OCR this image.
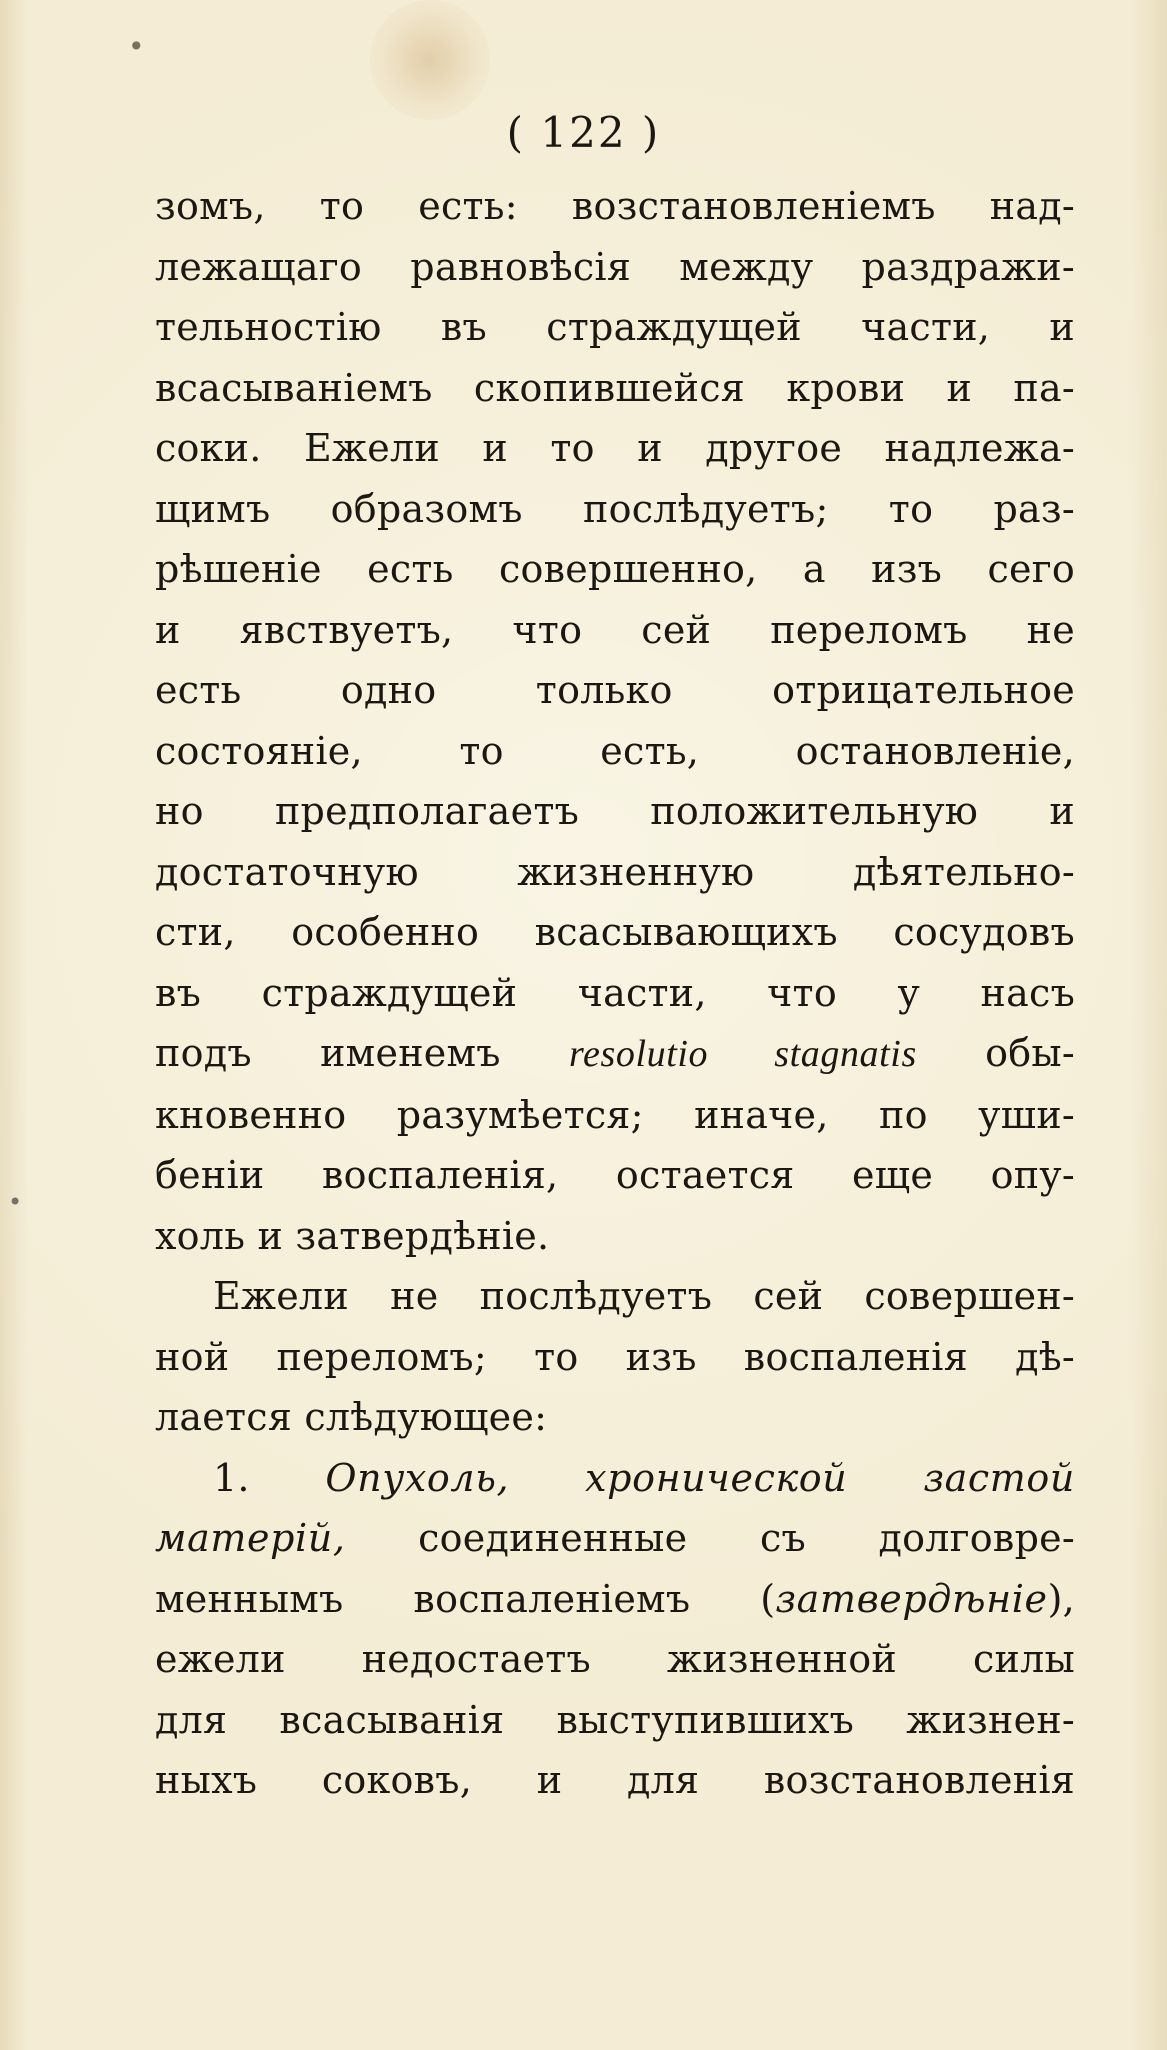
•
•
( 122 )
зомъ, то есть: возстановленiемъ над-
лежащаго равновѣсiя между раздражи-
тельностiю въ страждущей части, и
всасыванiемъ скопившейся крови и па-
соки. Ежели и то и другое надлежа-
щимъ образомъ послѣдуетъ; то раз-
рѣшенiе есть совершенно, а изъ сего
и явствуетъ, что сей переломъ не
есть одно только отрицательное
состоянiе, то есть, остановленiе,
но предполагаетъ положительную и
достаточную жизненную дѣятельно-
сти, особенно всасывающихъ сосудовъ
въ страждущей части, что у насъ
подъ именемъ resolutio stagnatis обы-
кновенно разумѣется; иначе, по уши-
бенiи воспаленiя, остается еще опу-
холь и затвердѣнiе.
Ежели не послѣдуетъ сей совершен-
ной переломъ; то изъ воспаленiя дѣ-
лается слѣдующее:
1. Опухоль, хронической застой
матерiй, соединенные съ долговре-
меннымъ воспаленiемъ (затвердѣнiе),
ежели недостаетъ жизненной силы
для всасыванiя выступившихъ жизнен-
ныхъ соковъ, и для возстановленiя
